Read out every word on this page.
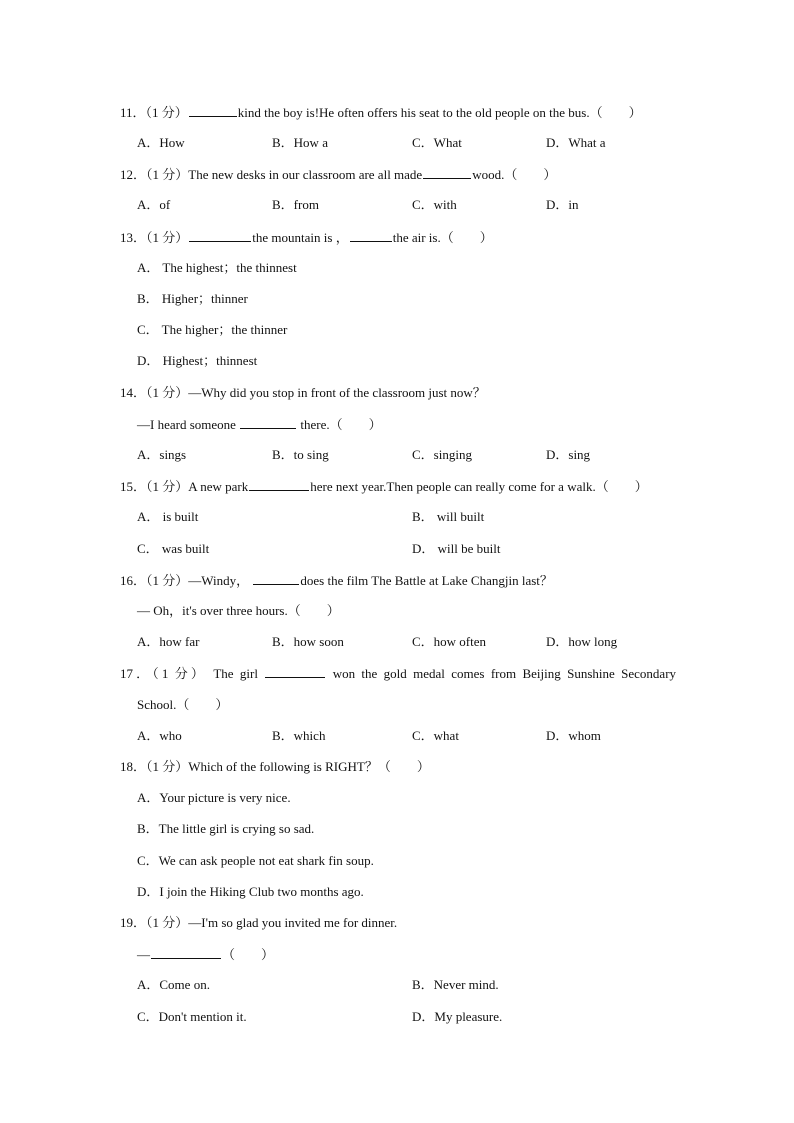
11．（1 分）	kind the boy is!He often offers his seat to the old people on the bus.（　　）
A．How	B．How a	C．What	D．What a
12．（1 分）The new desks in our classroom are all made	wood.（　　）
A．of	B．from	C．with	D．in
13．（1 分）	the mountain is ，	the air is.（　　）
A． The highest；the thinnest
B． Higher；thinner
C． The higher；the thinner
D． Highest；thinnest
14．（1 分）—Why did you stop in front of the classroom just now？
—I heard someone	there.（　　）
A．sings	B．to sing	C．singing	D．sing
15．（1 分）A new park	here next year.Then people can really come for a walk.（　　）
A． is built	B． will built
C． was built	D． will be built
16．（1 分）—Windy，	does the film The Battle at Lake Changjin last？
— Oh，it's over three hours.（　　）
A．how far	B．how soon	C．how often	D．how long
17．（1 分） The girl	won the gold medal comes from Beijing Sunshine Secondary
School.（　　）
A．who	B．which	C．what	D．whom
18．（1 分）Which of the following is RIGHT？（　　）
A．Your picture is very nice.
B．The little girl is crying so sad.
C．We can ask people not eat shark fin soup.
D．I join the Hiking Club two months ago.
19．（1 分）—I'm so glad you invited me for dinner.
—	（　　）
A．Come on.	B．Never mind.
C．Don't mention it.	D．My pleasure.
